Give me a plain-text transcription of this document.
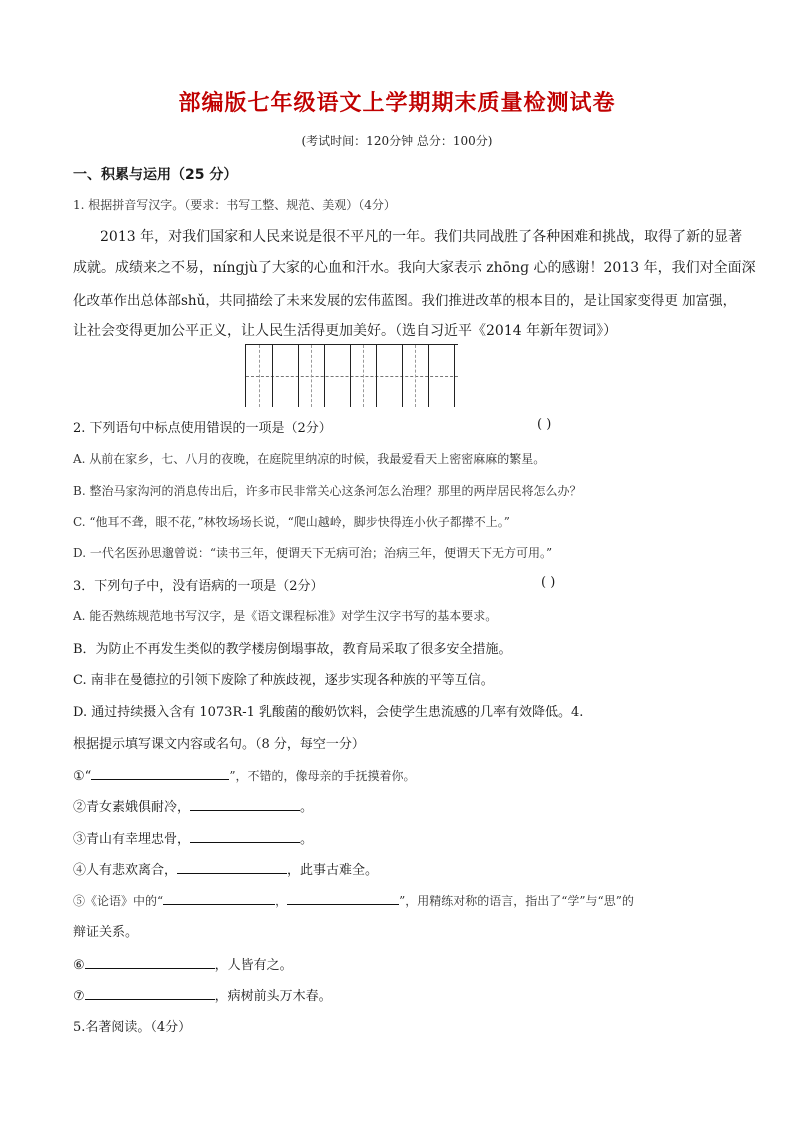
部编版七年级语文上学期期末质量检测试卷
(考试时间：120分钟 总分：100分)
一、积累与运用（25 分）
1. 根据拼音写汉字。（要求：书写工整、规范、美观）（4分）
2013 年，对我们国家和人民来说是很不平凡的一年。我们共同战胜了各种困难和挑战，取得了新的显著
成就。成绩来之不易，nínɡjù了大家的心血和汗水。我向大家表示 zhōnɡ 心的感谢！2013 年，我们对全面深
化改革作出总体部shǔ，共同描绘了未来发展的宏伟蓝图。我们推进改革的根本目的，是让国家变得更 加富强，
让社会变得更加公平正义，让人民生活得更加美好。（选自习近平《2014 年新年贺词》）
2. 下列语句中标点使用错误的一项是（2分）	( )
A. 从前在家乡，七、八月的夜晚，在庭院里纳凉的时候，我最爱看天上密密麻麻的繁星。
B. 整治马家沟河的消息传出后，许多市民非常关心这条河怎么治理？那里的两岸居民将怎么办？
C. “他耳不聋，眼不花，”林牧场场长说，“爬山越岭，脚步快得连小伙子都撵不上。”
D. 一代名医孙思邈曾说：“读书三年，便谓天下无病可治；治病三年，便谓天下无方可用。”
3．下列句子中，没有语病的一项是（2分）	( )
A. 能否熟练规范地书写汉字，是《语文课程标准》对学生汉字书写的基本要求。
B．为防止不再发生类似的教学楼房倒塌事故，教育局采取了很多安全措施。
C. 南非在曼德拉的引领下废除了种族歧视，逐步实现各种族的平等互信。
D. 通过持续摄入含有 1073R-1 乳酸菌的酸奶饮料，会使学生患流感的几率有效降低。4.
根据提示填写课文内容或名句。（8 分，每空一分）
①“	”，不错的，像母亲的手抚摸着你。
②青女素娥俱耐冷，	。
③青山有幸埋忠骨，	。
④人有悲欢离合，	，此事古难全。
⑤《论语》中的“	，	”，用精练对称的语言，指出了“学”与“思”的
辩证关系。
⑥	，人皆有之。
⑦	，病树前头万木春。
5.名著阅读。（4分）
